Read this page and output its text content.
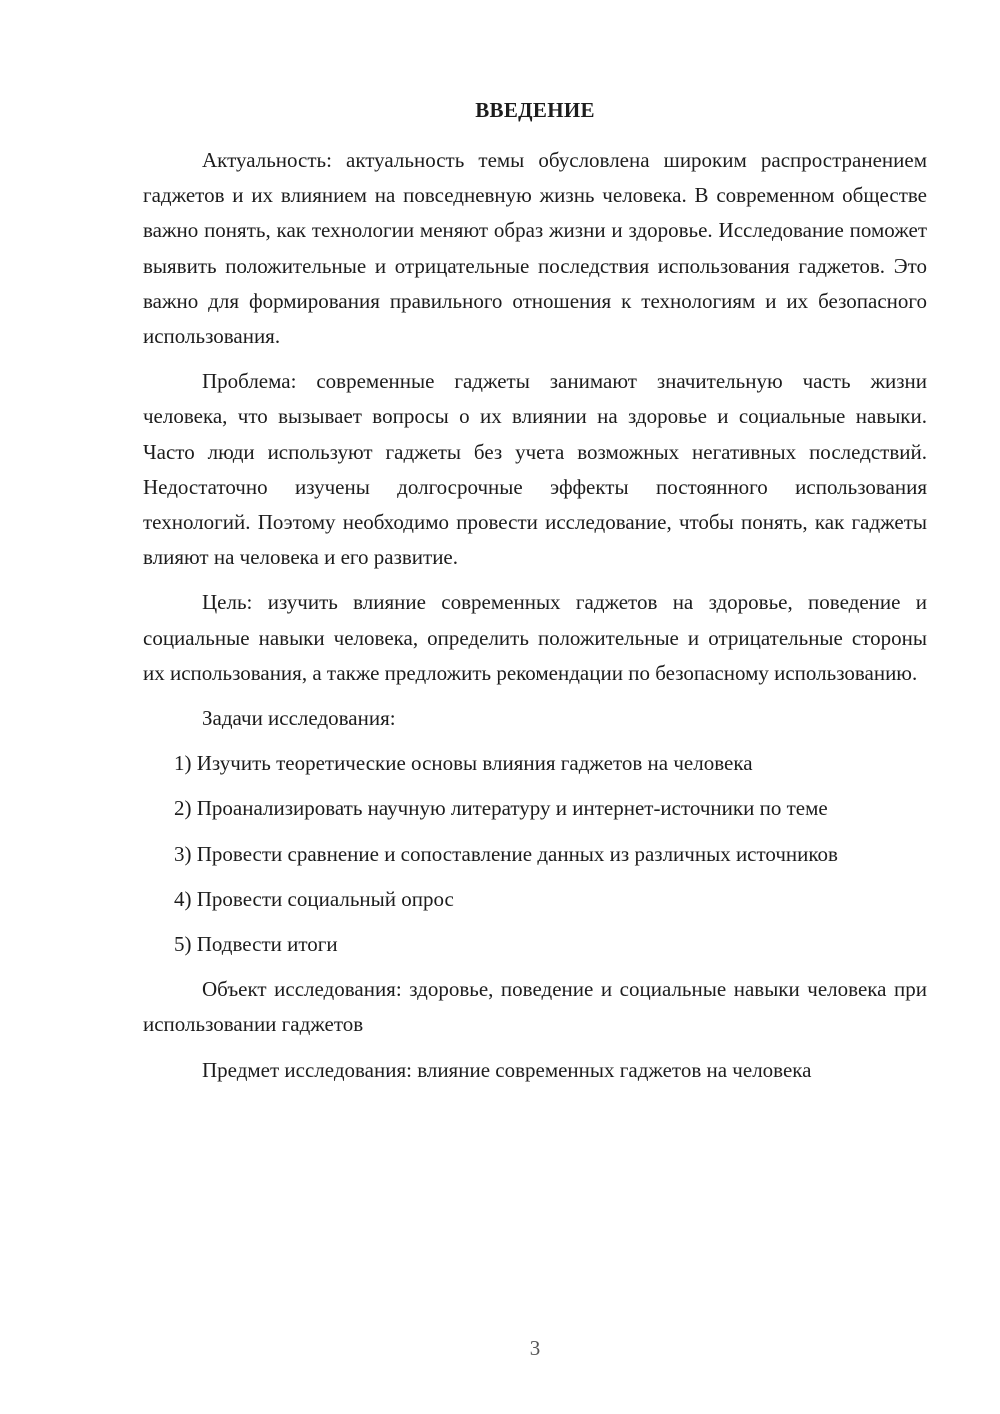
ВВЕДЕНИЕ

Актуальность: актуальность темы обусловлена широким распространением гаджетов и их влиянием на повседневную жизнь человека. В современном обществе важно понять, как технологии меняют образ жизни и здоровье. Исследование поможет выявить положительные и отрицательные последствия использования гаджетов. Это важно для формирования правильного отношения к технологиям и их безопасного использования.

Проблема: современные гаджеты занимают значительную часть жизни человека, что вызывает вопросы о их влиянии на здоровье и социальные навыки. Часто люди используют гаджеты без учета возможных негативных последствий. Недостаточно изучены долгосрочные эффекты постоянного использования технологий. Поэтому необходимо провести исследование, чтобы понять, как гаджеты влияют на человека и его развитие.

Цель: изучить влияние современных гаджетов на здоровье, поведение и социальные навыки человека, определить положительные и отрицательные стороны их использования, а также предложить рекомендации по безопасному использованию.

Задачи исследования:

1) Изучить теоретические основы влияния гаджетов на человека

2) Проанализировать научную литературу и интернет-источники по теме

3) Провести сравнение и сопоставление данных из различных источников

4) Провести социальный опрос

5) Подвести итоги

Объект исследования: здоровье, поведение и социальные навыки человека при использовании гаджетов

Предмет исследования: влияние современных гаджетов на человека

3
